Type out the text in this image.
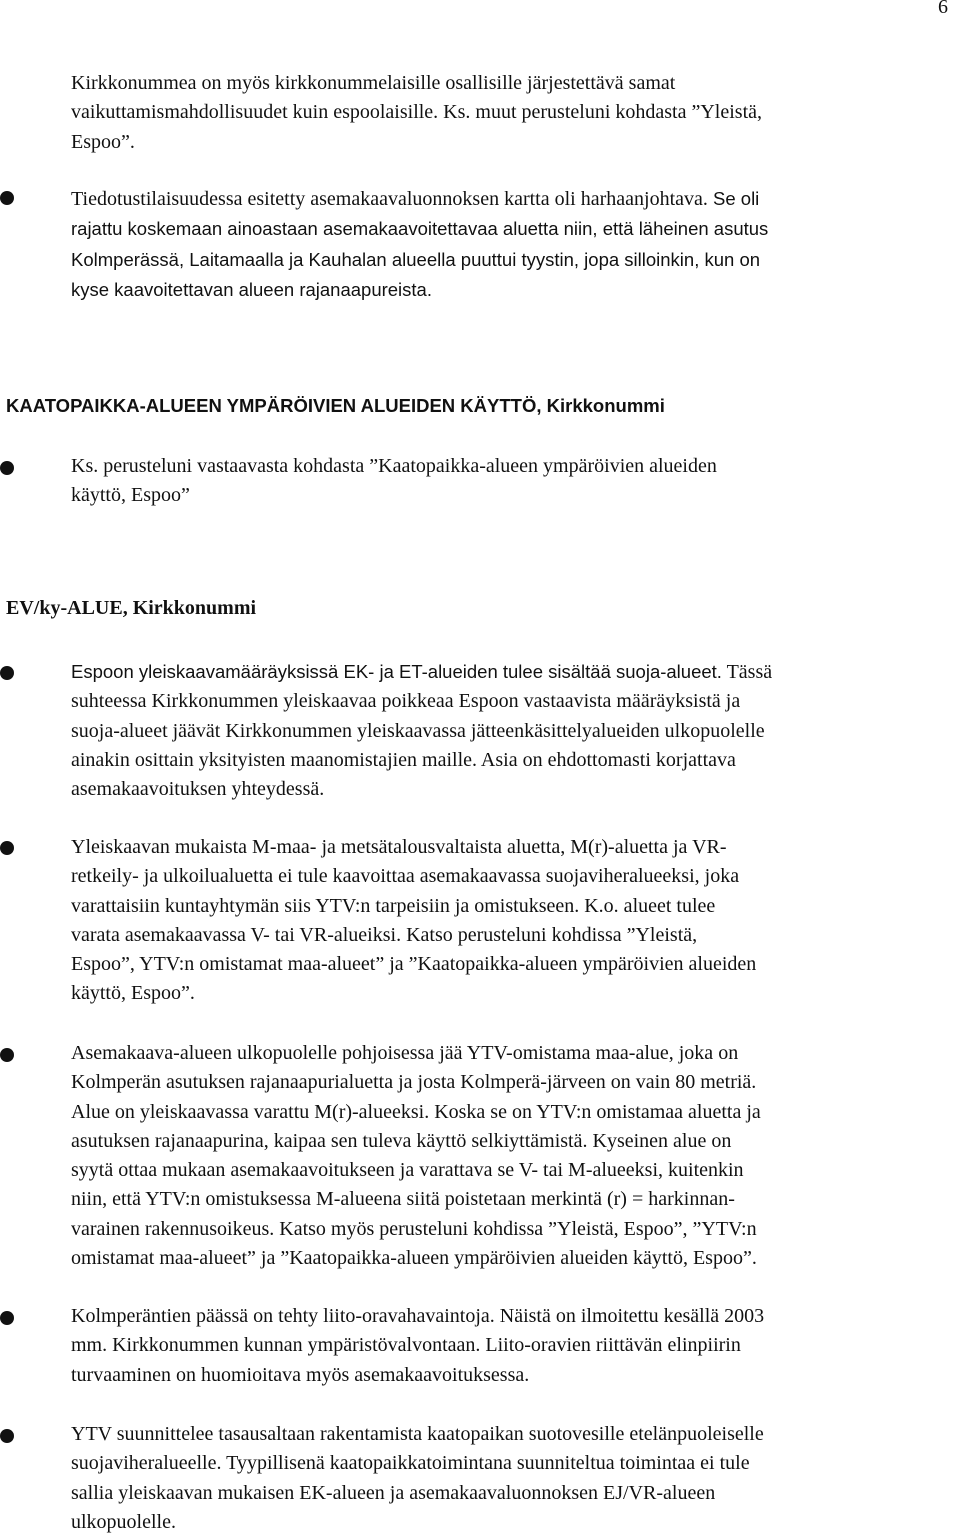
6

Kirkkonummea on myös kirkkonummelaisille osallisille järjestettävä samat
vaikuttamismahdollisuudet kuin espoolaisille. Ks. muut perusteluni kohdasta ”Yleistä,
Espoo”.

Tiedotustilaisuudessa esitetty asemakaavaluonnoksen kartta oli harhaanjohtava. Se oli
rajattu koskemaan ainoastaan asemakaavoitettavaa aluetta niin, että läheinen asutus
Kolmperässä, Laitamaalla ja Kauhalan alueella puuttui tyystin, jopa silloinkin, kun on
kyse kaavoitettavan alueen rajanaapureista.

KAATOPAIKKA-ALUEEN YMPÄRÖIVIEN ALUEIDEN KÄYTTÖ, Kirkkonummi

Ks. perusteluni vastaavasta kohdasta ”Kaatopaikka-alueen ympäröivien alueiden
käyttö, Espoo”

EV/ky-ALUE, Kirkkonummi

Espoon yleiskaavamääräyksissä EK- ja ET-alueiden tulee sisältää suoja-alueet. Tässä
suhteessa Kirkkonummen yleiskaavaa poikkeaa Espoon vastaavista määräyksistä ja
suoja-alueet jäävät Kirkkonummen yleiskaavassa jätteenkäsittelyalueiden ulkopuolelle
ainakin osittain yksityisten maanomistajien maille. Asia on ehdottomasti korjattava
asemakaavoituksen yhteydessä.

Yleiskaavan mukaista M-maa- ja metsätalousvaltaista aluetta, M(r)-aluetta ja VR-
retkeily- ja ulkoilualuetta ei tule kaavoittaa asemakaavassa suojaviheralueeksi, joka
varattaisiin kuntayhtymän siis YTV:n tarpeisiin ja omistukseen. K.o. alueet tulee
varata asemakaavassa V- tai VR-alueiksi. Katso perusteluni kohdissa ”Yleistä,
Espoo”, YTV:n omistamat maa-alueet” ja ”Kaatopaikka-alueen ympäröivien alueiden
käyttö, Espoo”.

Asemakaava-alueen ulkopuolelle pohjoisessa jää YTV-omistama maa-alue, joka on
Kolmperän asutuksen rajanaapurialuetta ja josta Kolmperä-järveen on vain 80 metriä.
Alue on yleiskaavassa varattu M(r)-alueeksi. Koska se on YTV:n omistamaa aluetta ja
asutuksen rajanaapurina, kaipaa sen tuleva käyttö selkiyttämistä. Kyseinen alue on
syytä ottaa mukaan asemakaavoitukseen ja varattava se V- tai M-alueeksi, kuitenkin
niin, että YTV:n omistuksessa M-alueena siitä poistetaan merkintä (r) = harkinnan-
varainen rakennusoikeus. Katso myös perusteluni kohdissa ”Yleistä, Espoo”, ”YTV:n
omistamat maa-alueet” ja ”Kaatopaikka-alueen ympäröivien alueiden käyttö, Espoo”.

Kolmperäntien päässä on tehty liito-oravahavaintoja. Näistä on ilmoitettu kesällä 2003
mm. Kirkkonummen kunnan ympäristövalvontaan. Liito-oravien riittävän elinpiirin
turvaaminen on huomioitava myös asemakaavoituksessa.

YTV suunnittelee tasausaltaan rakentamista kaatopaikan suotovesille etelänpuoleiselle
suojaviheralueelle. Tyypillisenä kaatopaikkatoimintana suunniteltua toimintaa ei tule
sallia yleiskaavan mukaisen EK-alueen ja asemakaavaluonnoksen EJ/VR-alueen
ulkopuolelle.
